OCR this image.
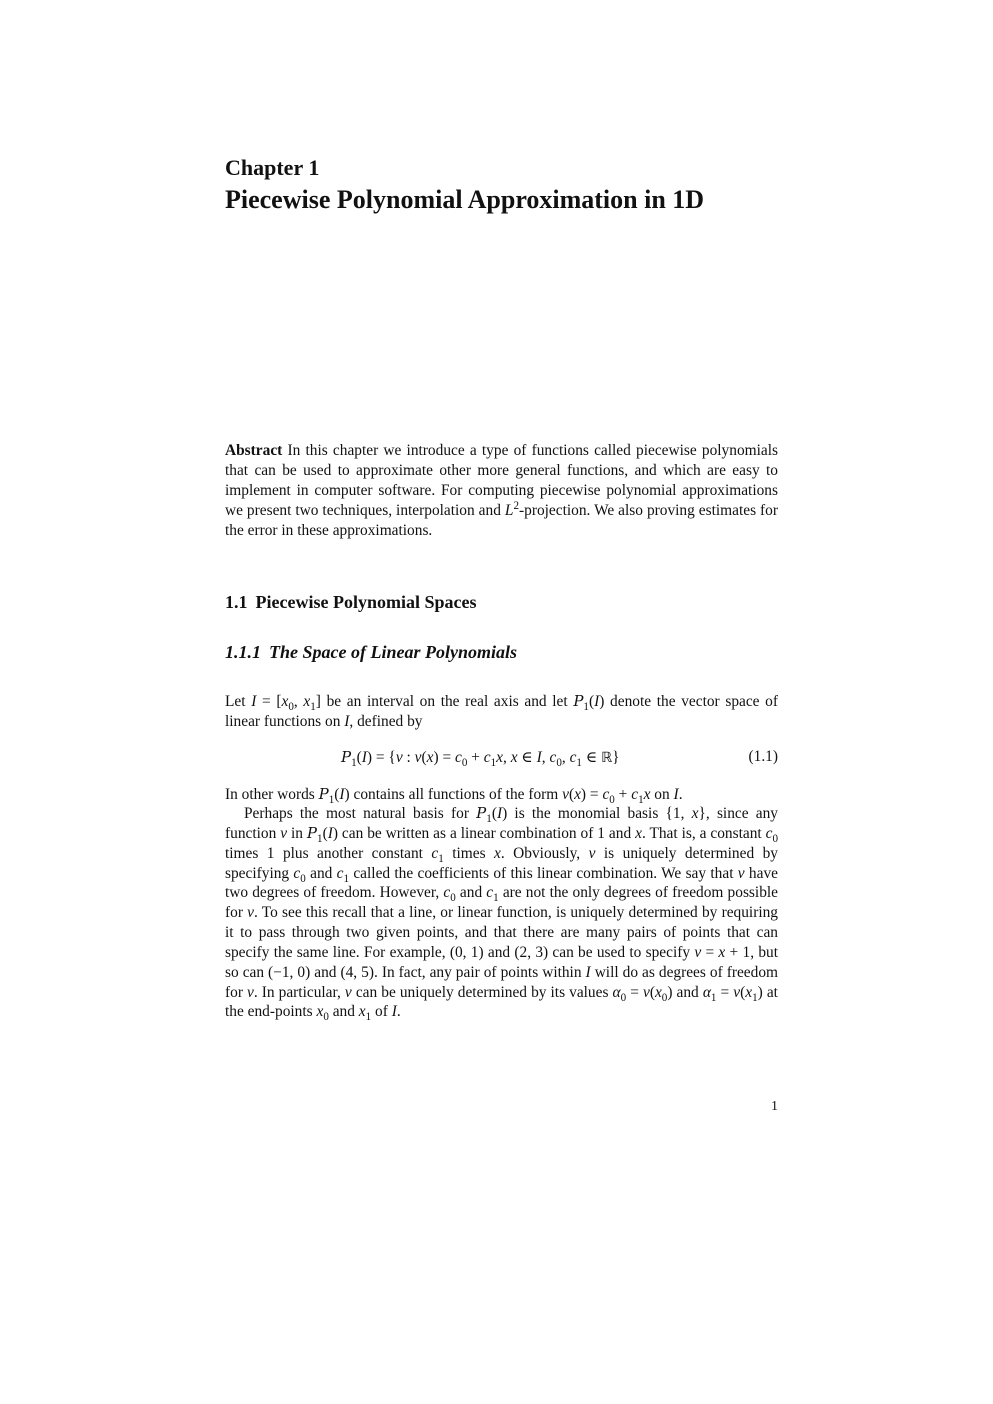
Chapter 1
Piecewise Polynomial Approximation in 1D
Abstract In this chapter we introduce a type of functions called piecewise polynomials that can be used to approximate other more general functions, and which are easy to implement in computer software. For computing piecewise polynomial approximations we present two techniques, interpolation and $L^2$-projection. We also proving estimates for the error in these approximations.
1.1 Piecewise Polynomial Spaces
1.1.1 The Space of Linear Polynomials
Let $I = [x_0$, $x_1$] be an interval on the real axis and let $P_1(I)$ denote the vector space of linear functions on I, defined by
$P_1(I) = \{v$ : $v(x) = c_0 + c_1x$, x ∈ I, $c_0$, $c_1$ ∈ ℝ}	(1.1)
In other words $P_1(I)$ contains all functions of the form $v(x) = c_0 + c_1x$ on I.
Perhaps the most natural basis for $P_1(I)$ is the monomial basis {1, x}, since any function v in $P_1(I)$ can be written as a linear combination of 1 and x. That is, a constant $c_0$ times 1 plus another constant $c_1$ times x. Obviously, v is uniquely determined by specifying $c_0$ and $c_1$ called the coefficients of this linear combination. We say that v have two degrees of freedom. However, $c_0$ and $c_1$ are not the only degrees of freedom possible for v. To see this recall that a line, or linear function, is uniquely determined by requiring it to pass through two given points, and that there are many pairs of points that can specify the same line. For example, (0, 1) and (2, 3) can be used to specify v = x + 1, but so can (−1, 0) and (4, 5). In fact, any pair of points within I will do as degrees of freedom for v. In particular, v can be uniquely determined by its values $\alpha_0 = v(x_0)$ and $\alpha_1 = v(x_1)$ at the end-points $x_0$ and $x_1$ of I.
1
